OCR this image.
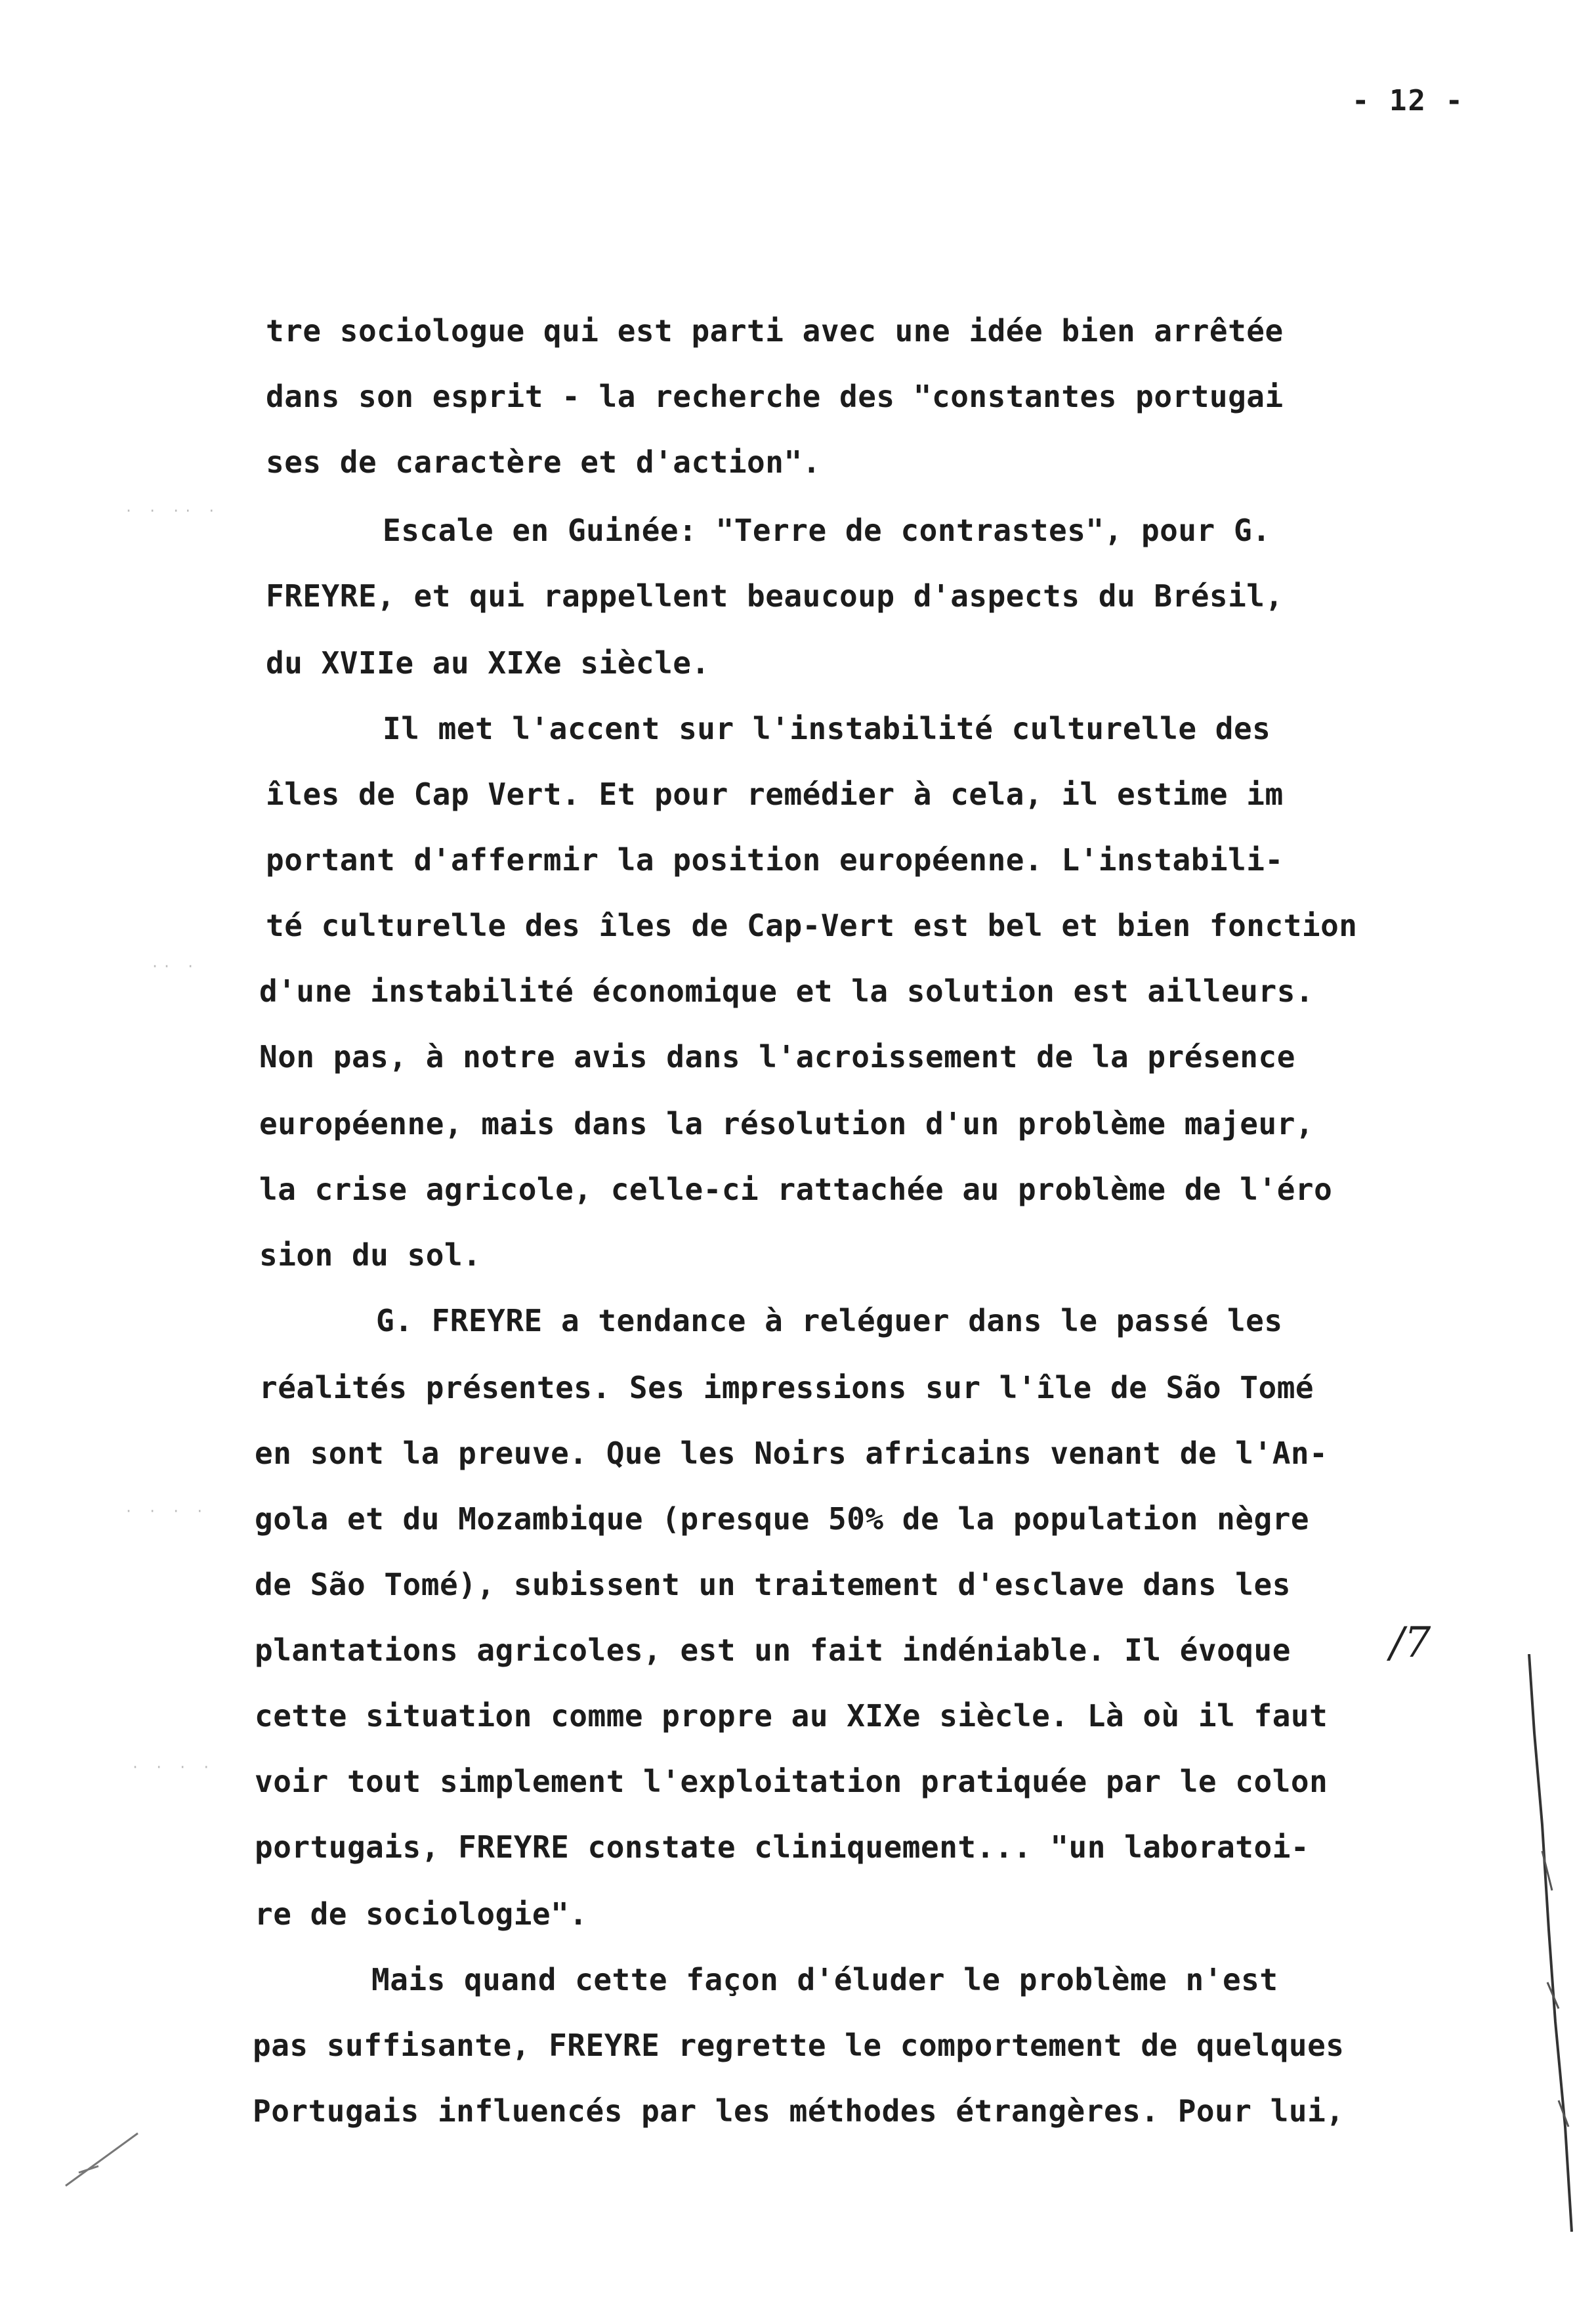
- 12 -
tre sociologue qui est parti avec une idée bien arrêtée
dans son esprit - la recherche des "constantes portugai
ses de caractère et d'action".
Escale en Guinée: "Terre de contrastes", pour G.
FREYRE, et qui rappellent beaucoup d'aspects du Brésil,
du XVIIe au XIXe siècle.
Il met l'accent sur l'instabilité culturelle des
îles de Cap Vert. Et pour remédier à cela, il estime im
portant d'affermir la position européenne. L'instabili-
té culturelle des îles de Cap-Vert est bel et bien fonction
d'une instabilité économique et la solution est ailleurs.
Non pas, à notre avis dans l'acroissement de la présence
européenne, mais dans la résolution d'un problème majeur,
la crise agricole, celle-ci rattachée au problème de l'éro
sion du sol.
G. FREYRE a tendance à reléguer dans le passé les
réalités présentes. Ses impressions sur l'île de São Tomé
en sont la preuve. Que les Noirs africains venant de l'An-
gola et du Mozambique (presque 50% de la population nègre
de São Tomé), subissent un traitement d'esclave dans les
plantations agricoles, est un fait indéniable. Il évoque
cette situation comme propre au XIXe siècle. Là où il faut
voir tout simplement l'exploitation pratiquée par le colon
portugais, FREYRE constate cliniquement... "un laboratoi-
re de sociologie".
Mais quand cette façon d'éluder le problème n'est
pas suffisante, FREYRE regrette le comportement de quelques
Portugais influencés par les méthodes étrangères. Pour lui,
/7
· · ·· ·
·· ·
· · · ·
· · · ·
